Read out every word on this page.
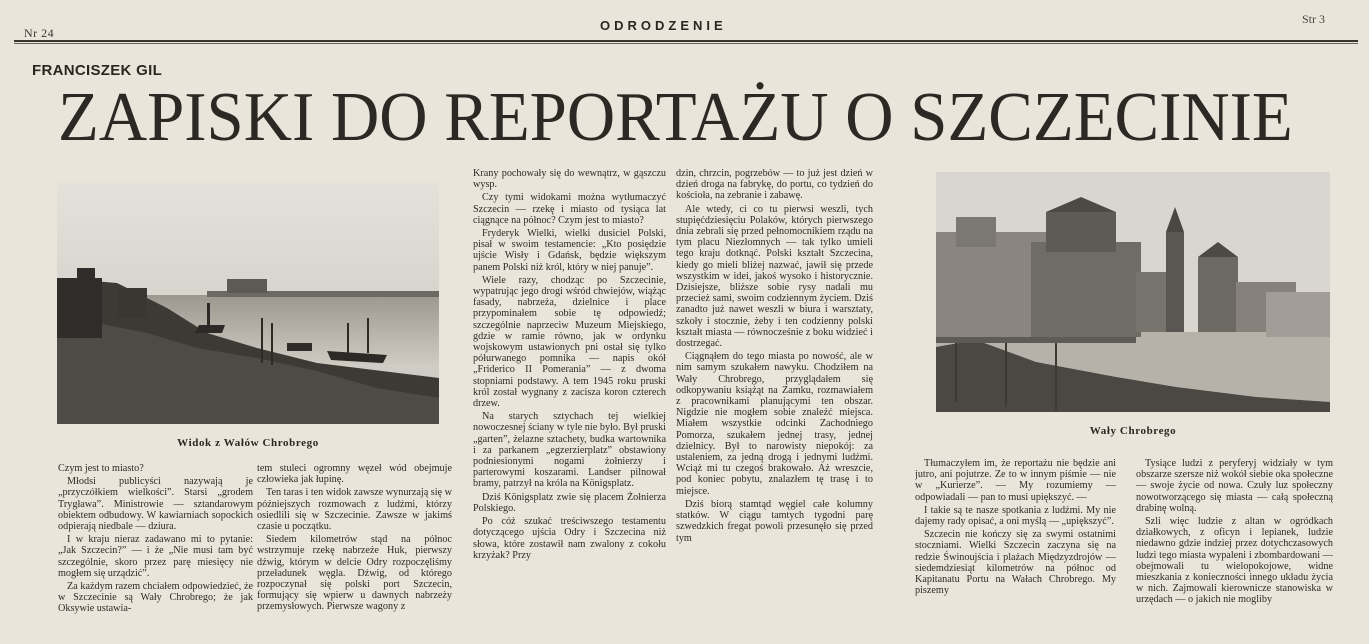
Nr 24	ODRODZENIE	Str 3
FRANCISZEK GIL
ZAPISKI DO REPORTAŻU O SZCZECINIE
Widok z Wałów Chrobrego
Wały Chrobrego

Czym jest to miasto?

Młodsi publicyści nazywają je „przyczółkiem wielkości”. Starsi „grodem Trygława”. Ministrowie — sztandarowym obiektem odbudowy. W kawiarniach sopockich odpierają niedbale — dziura.

I w kraju nieraz zadawano mi to pytanie: „Jak Szczecin?” — i że „Nie musi tam być szczególnie, skoro przez parę miesięcy nie mogłem się urządzić”.

Za każdym razem chciałem odpowiedzieć, że w Szczecinie są Wały Chrobrego; że jak Oksywie ustawia-

tem stuleci ogromny węzeł wód obejmuje człowieka jak łupinę.

Ten taras i ten widok zawsze wynurzają się w późniejszych rozmowach z ludźmi, którzy osiedlili się w Szczecinie. Zawsze w jakimś czasie u początku.

Siedem kilometrów stąd na północ wstrzymuje rzekę nabrzeże Huk, pierwszy dźwig, którym w delcie Odry rozpoczęliśmy przeładunek węgla. Dźwig, od którego rozpoczynał się polski port Szczecin, formujący się wpierw u dawnych nabrzeży przemysłowych. Pierwsze wagony z

Krany pochowały się do wewnątrz, w gąszczu wysp.

Czy tymi widokami można wytłumaczyć Szczecin — rzekę i miasto od tysiąca lat ciągnące na północ? Czym jest to miasto?

Fryderyk Wielki, wielki dusiciel Polski, pisał w swoim testamencie: „Kto posiędzie ujście Wisły i Gdańsk, będzie większym panem Polski niż król, który w niej panuje”.

Wiele razy, chodząc po Szczecinie, wypatrując jego drogi wśród chwiejów, wiążąc fasady, nabrzeża, dzielnice i place przypominałem sobie tę odpowiedź; szczególnie naprzeciw Muzeum Miejskiego, gdzie w ramie równo, jak w ordynku wojskowym ustawionych pni ostał się tylko półurwanego pomnika — napis okół „Friderico II Pomerania” — z dwoma stopniami podstawy. A tem 1945 roku pruski król został wygnany z zacisza koron czterech drzew.

Na starych sztychach tej wielkiej nowoczesnej ściany w tyle nie było. Był pruski „garten”, żelazne sztachety, budka wartownika i za parkanem „egzerzierplatz” obstawiony podniesionymi nogami żołnierzy i parterowymi koszarami. Landser pilnował bramy, patrzył na króla na Königsplatz.

Dziś Königsplatz zwie się placem Żołnierza Polskiego.

Po cóż szukać treściwszego testamentu dotyczącego ujścia Odry i Szczecina niż słowa, które zostawił nam zwalony z cokołu krzyżak? Przy

dzin, chrzcin, pogrzebów — to już jest dzień w dzień droga na fabrykę, do portu, co tydzień do kościoła, na zebranie i zabawę.

Ale wtedy, ci co tu pierwsi weszli, tych stupięćdziesięciu Polaków, których pierwszego dnia zebrali się przed pełnomocnikiem rządu na tym placu Niezłomnych — tak tylko umieli tego kraju dotknąć. Polski kształt Szczecina, kiedy go mieli bliżej nazwać, jawił się przede wszystkim w idei, jakoś wysoko i historycznie. Dzisiejsze, bliższe sobie rysy nadali mu przecież sami, swoim codziennym życiem. Dziś zanadto już nawet weszli w biura i warsztaty, szkoły i stocznie, żeby i ten codzienny polski kształt miasta — równocześnie z boku widzieć i dostrzegać.

Ciągnąłem do tego miasta po nowość, ale w nim samym szukałem nawyku. Chodziłem na Wały Chrobrego, przyglądałem się odkopywaniu książąt na Zamku, rozmawiałem z pracownikami planującymi ten obszar. Nigdzie nie mogłem sobie znaleźć miejsca. Miałem wszystkie odcinki Zachodniego Pomorza, szukałem jednej trasy, jednej dzielnicy. Był to narowisty niepokój: za ustaleniem, za jedną drogą i jednymi ludźmi. Wciąż mi tu czegoś brakowało. Aż wreszcie, pod koniec pobytu, znalazłem tę trasę i to miejsce.

Dziś biorą stamtąd węgiel całe kolumny statków. W ciągu tamtych tygodni parę szwedzkich fregat powoli przesunęło się przed tym

Tłumaczyłem im, że reportażu nie będzie ani jutro, ani pojutrze. Ze to w innym piśmie — nie w „Kurierze”. — My rozumiemy — odpowiadali — pan to musi upiększyć. —

I takie są te nasze spotkania z ludźmi. My nie dajemy rady opisać, a oni myślą — „upiększyć”.

Szczecin nie kończy się za swymi ostatnimi stoczniami. Wielki Szczecin zaczyna się na redzie Świnoujścia i plażach Międzyzdrojów — siedemdziesiąt kilometrów na północ od Kapitanatu Portu na Wałach Chrobrego. My piszemy

Tysiące ludzi z peryferyj widziały w tym obszarze szersze niż wokół siebie oka społeczne — swoje życie od nowa. Czuły luz społeczny nowotworzącego się miasta — całą społeczną drabinę wolną.

Szli więc ludzie z altan w ogródkach działkowych, z oficyn i lepianek, ludzie niedawno gdzie indziej przez dotychczasowych ludzi tego miasta wypaleni i zbombardowani — obejmowali tu wielopokojowe, widne mieszkania z konieczności innego układu życia w nich. Zajmowali kierownicze stanowiska w urzędach — o jakich nie mogliby
